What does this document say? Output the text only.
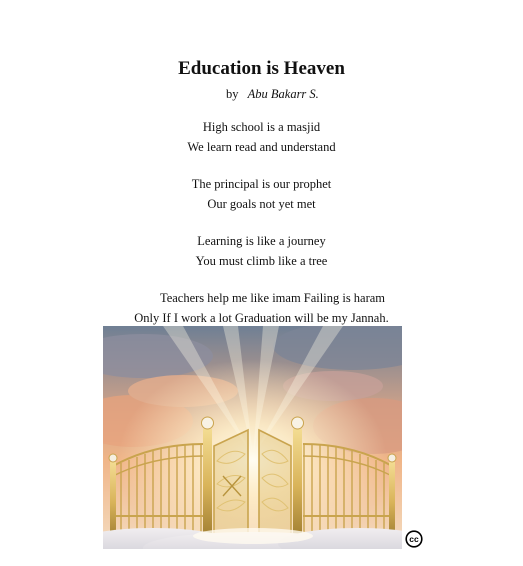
Education is Heaven
by Abu Bakarr S.
High school is a masjid
We learn read and understand
The principal is our prophet
Our goals not yet met
Learning is like a journey
You must climb like a tree
Teachers help me like imam Failing is haram
Only If I work a lot Graduation will be my Jannah.
cc
